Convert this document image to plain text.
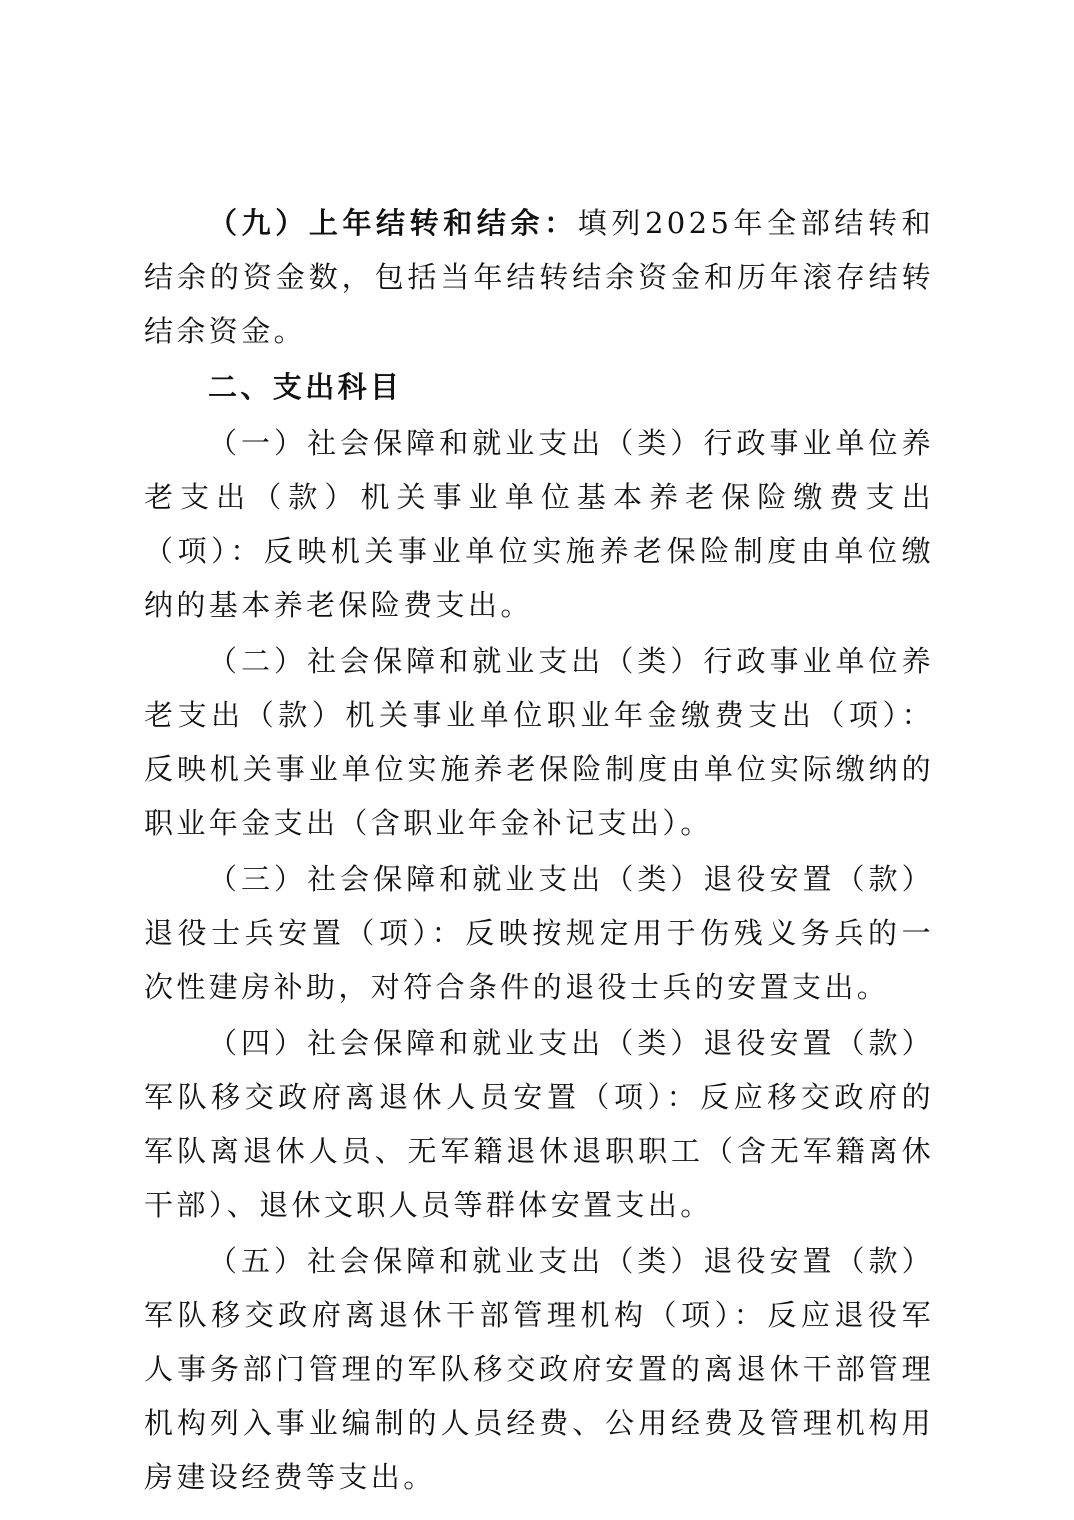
（九）上年结转和结余：填列2025年全部结转和结余的资金数，包括当年结转结余资金和历年滚存结转结余资金。

二、支出科目

（一）社会保障和就业支出（类）行政事业单位养老支出（款）机关事业单位基本养老保险缴费支出（项）：反映机关事业单位实施养老保险制度由单位缴纳的基本养老保险费支出。

（二）社会保障和就业支出（类）行政事业单位养老支出（款）机关事业单位职业年金缴费支出（项）：反映机关事业单位实施养老保险制度由单位实际缴纳的职业年金支出（含职业年金补记支出）。

（三）社会保障和就业支出（类）退役安置（款）退役士兵安置（项）：反映按规定用于伤残义务兵的一次性建房补助，对符合条件的退役士兵的安置支出。

（四）社会保障和就业支出（类）退役安置（款） 军队移交政府离退休人员安置（项）：反应移交政府的军队离退休人员、无军籍退休退职职工（含无军籍离休干部）、退休文职人员等群体安置支出。

（五）社会保障和就业支出（类）退役安置（款） 军队移交政府离退休干部管理机构（项）：反应退役军人事务部门管理的军队移交政府安置的离退休干部管理机构列入事业编制的人员经费、公用经费及管理机构用房建设经费等支出。
